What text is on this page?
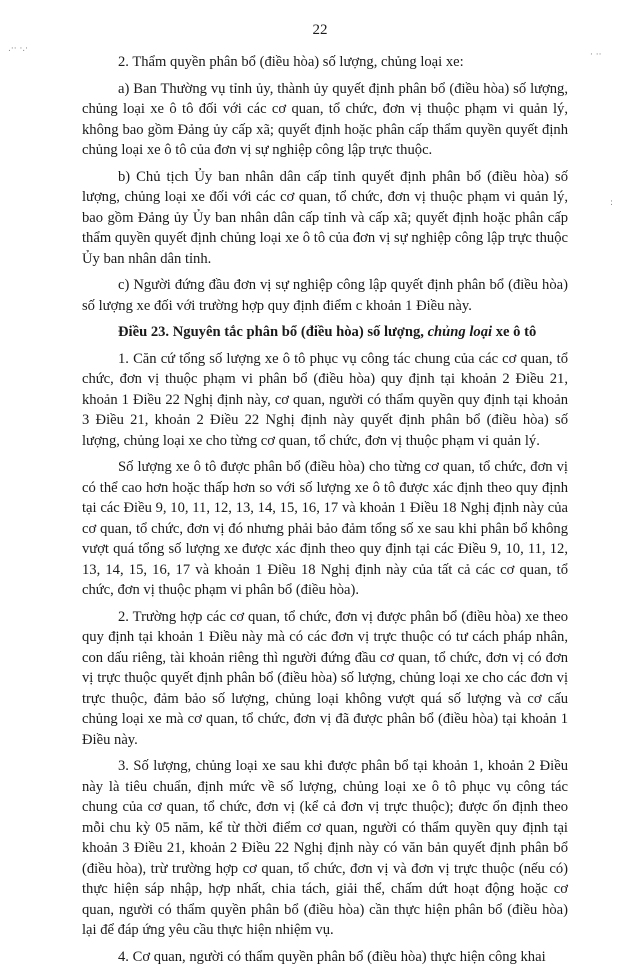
.·· ·.·
· ··
:
22

2. Thẩm quyền phân bổ (điều hòa) số lượng, chủng loại xe:

a) Ban Thường vụ tỉnh ủy, thành ủy quyết định phân bổ (điều hòa) số lượng, chủng loại xe ô tô đối với các cơ quan, tổ chức, đơn vị thuộc phạm vi quản lý, không bao gồm Đảng ủy cấp xã; quyết định hoặc phân cấp thẩm quyền quyết định chủng loại xe ô tô của đơn vị sự nghiệp công lập trực thuộc.

b) Chủ tịch Ủy ban nhân dân cấp tỉnh quyết định phân bổ (điều hòa) số lượng, chủng loại xe đối với các cơ quan, tổ chức, đơn vị thuộc phạm vi quản lý, bao gồm Đảng ủy Ủy ban nhân dân cấp tỉnh và cấp xã; quyết định hoặc phân cấp thẩm quyền quyết định chủng loại xe ô tô của đơn vị sự nghiệp công lập trực thuộc Ủy ban nhân dân tỉnh.

c) Người đứng đầu đơn vị sự nghiệp công lập quyết định phân bổ (điều hòa) số lượng xe đối với trường hợp quy định điểm c khoản 1 Điều này.

Điều 23. Nguyên tắc phân bổ (điều hòa) số lượng, chủng loại xe ô tô

1. Căn cứ tổng số lượng xe ô tô phục vụ công tác chung của các cơ quan, tổ chức, đơn vị thuộc phạm vi phân bổ (điều hòa) quy định tại khoản 2 Điều 21, khoản 1 Điều 22 Nghị định này, cơ quan, người có thẩm quyền quy định tại khoản 3 Điều 21, khoản 2 Điều 22 Nghị định này quyết định phân bổ (điều hòa) số lượng, chủng loại xe cho từng cơ quan, tổ chức, đơn vị thuộc phạm vi quản lý.

Số lượng xe ô tô được phân bổ (điều hòa) cho từng cơ quan, tổ chức, đơn vị có thể cao hơn hoặc thấp hơn so với số lượng xe ô tô được xác định theo quy định tại các Điều 9, 10, 11, 12, 13, 14, 15, 16, 17 và khoản 1 Điều 18 Nghị định này của cơ quan, tổ chức, đơn vị đó nhưng phải bảo đảm tổng số xe sau khi phân bổ không vượt quá tổng số lượng xe được xác định theo quy định tại các Điều 9, 10, 11, 12, 13, 14, 15, 16, 17 và khoản 1 Điều 18 Nghị định này của tất cả các cơ quan, tổ chức, đơn vị thuộc phạm vi phân bổ (điều hòa).

2. Trường hợp các cơ quan, tổ chức, đơn vị được phân bổ (điều hòa) xe theo quy định tại khoản 1 Điều này mà có các đơn vị trực thuộc có tư cách pháp nhân, con dấu riêng, tài khoản riêng thì người đứng đầu cơ quan, tổ chức, đơn vị có đơn vị trực thuộc quyết định phân bổ (điều hòa) số lượng, chủng loại xe cho các đơn vị trực thuộc, đảm bảo số lượng, chủng loại không vượt quá số lượng và cơ cấu chủng loại xe mà cơ quan, tổ chức, đơn vị đã được phân bổ (điều hòa) tại khoản 1 Điều này.

3. Số lượng, chủng loại xe sau khi được phân bổ tại khoản 1, khoản 2 Điều này là tiêu chuẩn, định mức về số lượng, chủng loại xe ô tô phục vụ công tác chung của cơ quan, tổ chức, đơn vị (kể cả đơn vị trực thuộc); được ổn định theo mỗi chu kỳ 05 năm, kể từ thời điểm cơ quan, người có thẩm quyền quy định tại khoản 3 Điều 21, khoản 2 Điều 22 Nghị định này có văn bản quyết định phân bổ (điều hòa), trừ trường hợp cơ quan, tổ chức, đơn vị và đơn vị trực thuộc (nếu có) thực hiện sáp nhập, hợp nhất, chia tách, giải thể, chấm dứt hoạt động hoặc cơ quan, người có thẩm quyền phân bổ (điều hòa) cần thực hiện phân bổ (điều hòa) lại để đáp ứng yêu cầu thực hiện nhiệm vụ.

4. Cơ quan, người có thẩm quyền phân bổ (điều hòa) thực hiện công khai
